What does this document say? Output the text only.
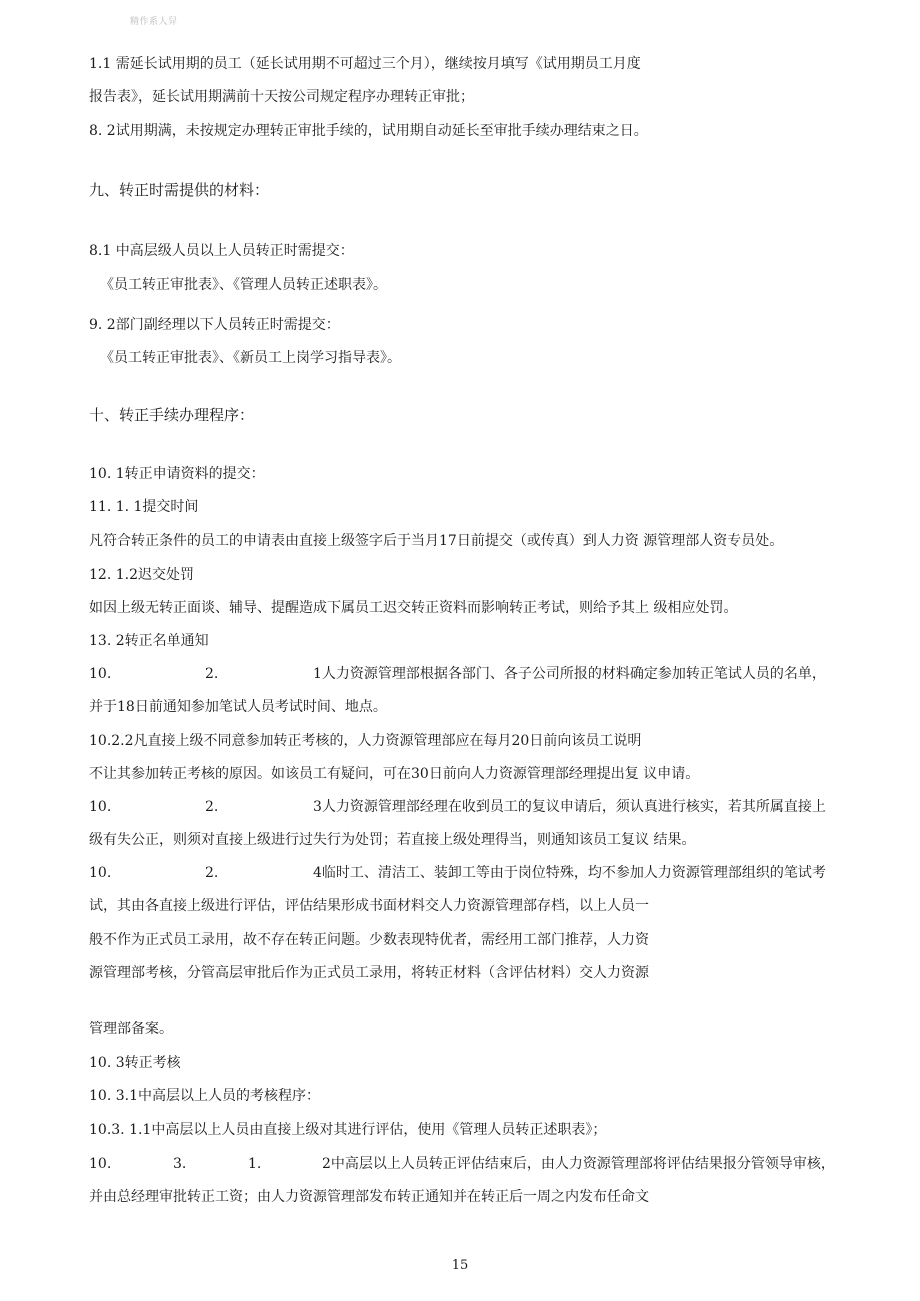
精作系人舁

1.1 需延长试用期的员工（延长试用期不可超过三个月），继续按月填写《试用期员工月度

报告表》，延长试用期满前十天按公司规定程序办理转正审批；

8. 2试用期满，未按规定办理转正审批手续的，试用期自动延长至审批手续办理结束之日。

九、转正时需提供的材料：

8.1 中高层级人员以上人员转正时需提交：

《员工转正审批表》、《管理人员转正述职表》。

9. 2部门副经理以下人员转正时需提交：

《员工转正审批表》、《新员工上岗学习指导表》。

十、转正手续办理程序：

10. 1转正申请资料的提交：

11. 1. 1提交时间

凡符合转正条件的员工的申请表由直接上级签字后于当月17日前提交（或传真）到人力资 源管理部人资专员处。

12. 1.2迟交处罚

如因上级无转正面谈、辅导、提醒造成下属员工迟交转正资料而影响转正考试，则给予其上 级相应处罚。

13. 2转正名单通知

10.	2.	1人力资源管理部根据各部门、各子公司所报的材料确定参加转正笔试人员的名单，

并于18日前通知参加笔试人员考试时间、地点。

10.2.2凡直接上级不同意参加转正考核的，人力资源管理部应在每月20日前向该员工说明

不让其参加转正考核的原因。如该员工有疑问，可在30日前向人力资源管理部经理提出复 议申请。

10.	2.	3人力资源管理部经理在收到员工的复议申请后，须认真进行核实，若其所属直接上

级有失公正，则须对直接上级进行过失行为处罚；若直接上级处理得当，则通知该员工复议 结果。

10.	2.	4临时工、清洁工、装卸工等由于岗位特殊，均不参加人力资源管理部组织的笔试考

试，其由各直接上级进行评估，评估结果形成书面材料交人力资源管理部存档，以上人员一

般不作为正式员工录用，故不存在转正问题。少数表现特优者，需经用工部门推荐，人力资

源管理部考核，分管高层审批后作为正式员工录用，将转正材料（含评估材料）交人力资源

管理部备案。

10. 3转正考核

10. 3.1中高层以上人员的考核程序：

10.3. 1.1中高层以上人员由直接上级对其进行评估，使用《管理人员转正述职表》；

10.	3.	1.	2中高层以上人员转正评估结束后，由人力资源管理部将评估结果报分管领导审核，

并由总经理审批转正工资；由人力资源管理部发布转正通知并在转正后一周之内发布任命文

15
